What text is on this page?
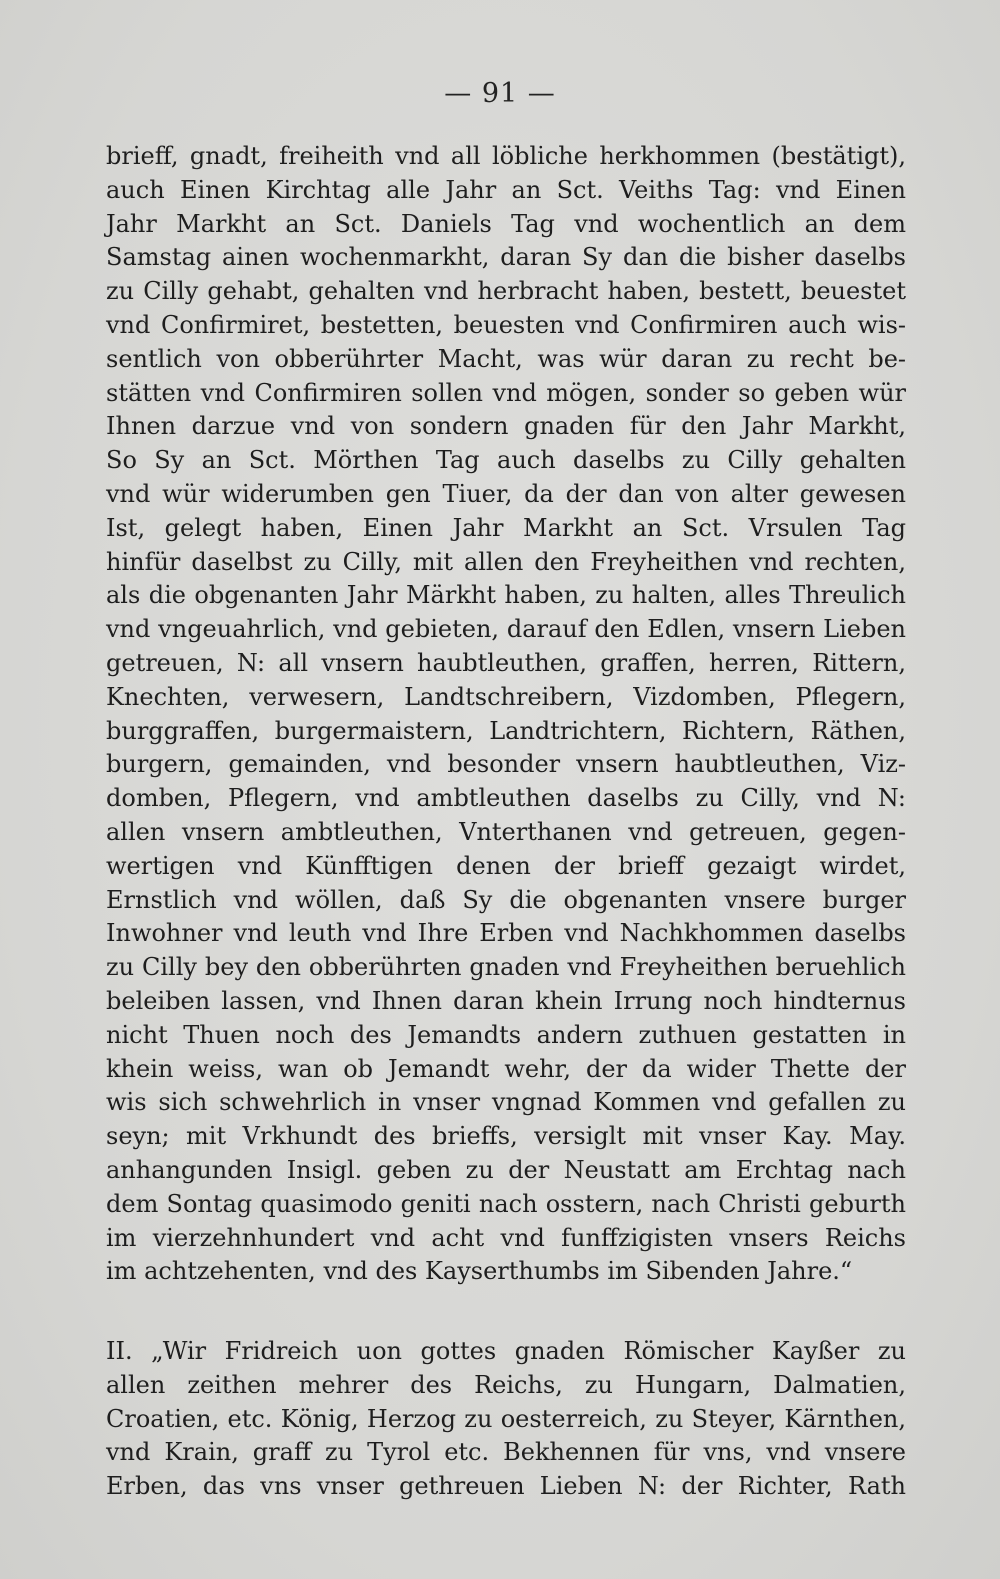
— 91 —
brieff, gnadt, freiheith vnd all löbliche herkhommen (bestätigt),
auch Einen Kirchtag alle Jahr an Sct. Veiths Tag: vnd Einen
Jahr Markht an Sct. Daniels Tag vnd wochentlich an dem
Samstag ainen wochenmarkht, daran Sy dan die bisher daselbs
zu Cilly gehabt, gehalten vnd herbracht haben, bestett, beuestet
vnd Confirmiret, bestetten, beuesten vnd Confirmiren auch wis-
sentlich von obberührter Macht, was wür daran zu recht be-
stätten vnd Confirmiren sollen vnd mögen, sonder so geben wür
Ihnen darzue vnd von sondern gnaden für den Jahr Markht,
So Sy an Sct. Mörthen Tag auch daselbs zu Cilly gehalten
vnd wür widerumben gen Tiuer, da der dan von alter gewesen
Ist, gelegt haben, Einen Jahr Markht an Sct. Vrsulen Tag
hinfür daselbst zu Cilly, mit allen den Freyheithen vnd rechten,
als die obgenanten Jahr Märkht haben, zu halten, alles Threulich
vnd vngeuahrlich, vnd gebieten, darauf den Edlen, vnsern Lieben
getreuen, N: all vnsern haubtleuthen, graffen, herren, Rittern,
Knechten, verwesern, Landtschreibern, Vizdomben, Pflegern,
burggraffen, burgermaistern, Landtrichtern, Richtern, Räthen,
burgern, gemainden, vnd besonder vnsern haubtleuthen, Viz-
domben, Pflegern, vnd ambtleuthen daselbs zu Cilly, vnd N:
allen vnsern ambtleuthen, Vnterthanen vnd getreuen, gegen-
wertigen vnd Künfftigen denen der brieff gezaigt wirdet,
Ernstlich vnd wöllen, daß Sy die obgenanten vnsere burger
Inwohner vnd leuth vnd Ihre Erben vnd Nachkhommen daselbs
zu Cilly bey den obberührten gnaden vnd Freyheithen beruehlich
beleiben lassen, vnd Ihnen daran khein Irrung noch hindternus
nicht Thuen noch des Jemandts andern zuthuen gestatten in
khein weiss, wan ob Jemandt wehr, der da wider Thette der
wis sich schwehrlich in vnser vngnad Kommen vnd gefallen zu
seyn; mit Vrkhundt des brieffs, versiglt mit vnser Kay. May.
anhangunden Insigl. geben zu der Neustatt am Erchtag nach
dem Sontag quasimodo geniti nach osstern, nach Christi geburth
im vierzehnhundert vnd acht vnd funffzigisten vnsers Reichs
im achtzehenten, vnd des Kayserthumbs im Sibenden Jahre.“
II. „Wir Fridreich uon gottes gnaden Römischer Kayßer zu
allen zeithen mehrer des Reichs, zu Hungarn, Dalmatien,
Croatien, etc. König, Herzog zu oesterreich, zu Steyer, Kärnthen,
vnd Krain, graff zu Tyrol etc. Bekhennen für vns, vnd vnsere
Erben, das vns vnser gethreuen Lieben N: der Richter, Rath
